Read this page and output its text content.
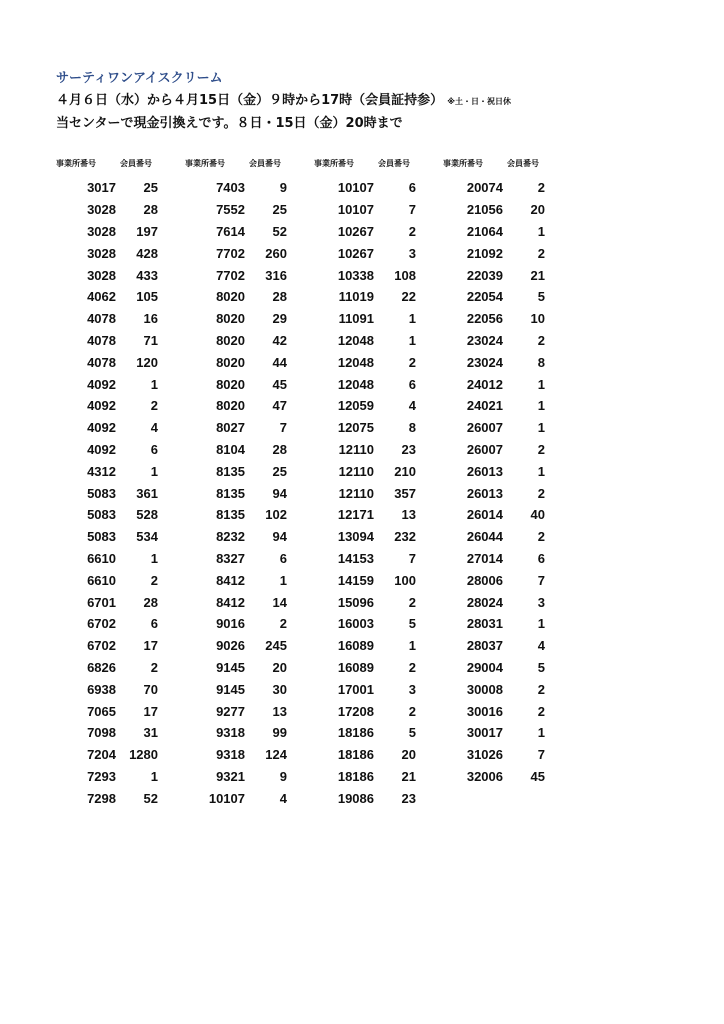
サーティワンアイスクリーム
４月６日（水）から４月15日（金）９時から17時（会員証持参） ※土・日・祝日休
当センターで現金引換えです。８日・15日（金）20時まで
事業所番号	会員番号
3017	25
3028	28
3028	197
3028	428
3028	433
4062	105
4078	16
4078	71
4078	120
4092	1
4092	2
4092	4
4092	6
4312	1
5083	361
5083	528
5083	534
6610	1
6610	2
6701	28
6702	6
6702	17
6826	2
6938	70
7065	17
7098	31
7204	1280
7293	1
7298	52
事業所番号	会員番号
7403	9
7552	25
7614	52
7702	260
7702	316
8020	28
8020	29
8020	42
8020	44
8020	45
8020	47
8027	7
8104	28
8135	25
8135	94
8135	102
8232	94
8327	6
8412	1
8412	14
9016	2
9026	245
9145	20
9145	30
9277	13
9318	99
9318	124
9321	9
10107	4
事業所番号	会員番号
10107	6
10107	7
10267	2
10267	3
10338	108
11019	22
11091	1
12048	1
12048	2
12048	6
12059	4
12075	8
12110	23
12110	210
12110	357
12171	13
13094	232
14153	7
14159	100
15096	2
16003	5
16089	1
16089	2
17001	3
17208	2
18186	5
18186	20
18186	21
19086	23
事業所番号	会員番号
20074	2
21056	20
21064	1
21092	2
22039	21
22054	5
22056	10
23024	2
23024	8
24012	1
24021	1
26007	1
26007	2
26013	1
26013	2
26014	40
26044	2
27014	6
28006	7
28024	3
28031	1
28037	4
29004	5
30008	2
30016	2
30017	1
31026	7
32006	45
